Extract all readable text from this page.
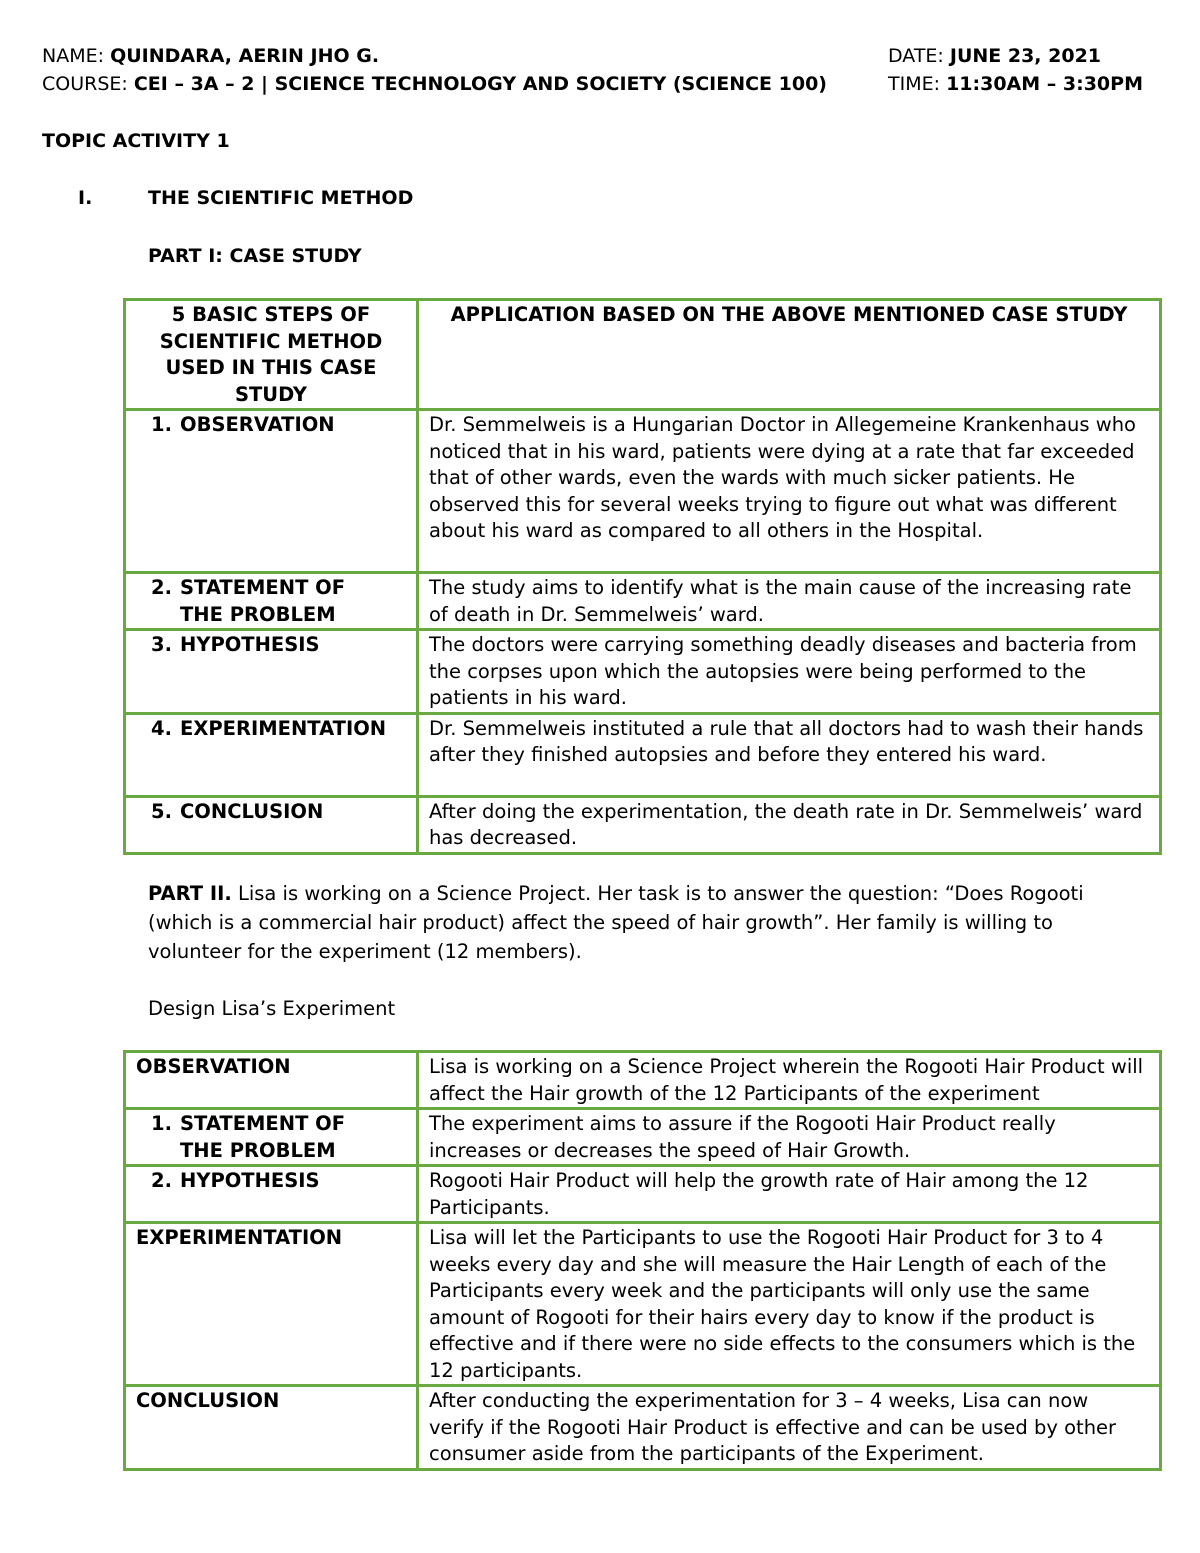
NAME: QUINDARA, AERIN JHO G.
COURSE: CEI – 3A – 2 | SCIENCE TECHNOLOGY AND SOCIETY (SCIENCE 100)
DATE: JUNE 23, 2021
TIME: 11:30AM – 3:30PM
TOPIC ACTIVITY 1
I.	THE SCIENTIFIC METHOD
PART I: CASE STUDY
5 BASIC STEPS OF SCIENTIFIC METHOD USED IN THIS CASE STUDY	APPLICATION BASED ON THE ABOVE MENTIONED CASE STUDY
1. OBSERVATION	Dr. Semmelweis is a Hungarian Doctor in Allegemeine Krankenhaus who noticed that in his ward, patients were dying at a rate that far exceeded that of other wards, even the wards with much sicker patients. He observed this for several weeks trying to figure out what was different about his ward as compared to all others in the Hospital.
2. STATEMENT OF THE PROBLEM	The study aims to identify what is the main cause of the increasing rate of death in Dr. Semmelweis’ ward.
3. HYPOTHESIS	The doctors were carrying something deadly diseases and bacteria from the corpses upon which the autopsies were being performed to the patients in his ward.
4. EXPERIMENTATION	Dr. Semmelweis instituted a rule that all doctors had to wash their hands after they finished autopsies and before they entered his ward.
5. CONCLUSION	After doing the experimentation, the death rate in Dr. Semmelweis’ ward has decreased.
PART II. Lisa is working on a Science Project. Her task is to answer the question: “Does Rogooti (which is a commercial hair product) affect the speed of hair growth”. Her family is willing to volunteer for the experiment (12 members).
Design Lisa’s Experiment
OBSERVATION	Lisa is working on a Science Project wherein the Rogooti Hair Product will affect the Hair growth of the 12 Participants of the experiment
1. STATEMENT OF THE PROBLEM	The experiment aims to assure if the Rogooti Hair Product really increases or decreases the speed of Hair Growth.
2. HYPOTHESIS	Rogooti Hair Product will help the growth rate of Hair among the 12 Participants.
EXPERIMENTATION	Lisa will let the Participants to use the Rogooti Hair Product for 3 to 4 weeks every day and she will measure the Hair Length of each of the Participants every week and the participants will only use the same amount of Rogooti for their hairs every day to know if the product is effective and if there were no side effects to the consumers which is the 12 participants.
CONCLUSION	After conducting the experimentation for 3 – 4 weeks, Lisa can now verify if the Rogooti Hair Product is effective and can be used by other consumer aside from the participants of the Experiment.
